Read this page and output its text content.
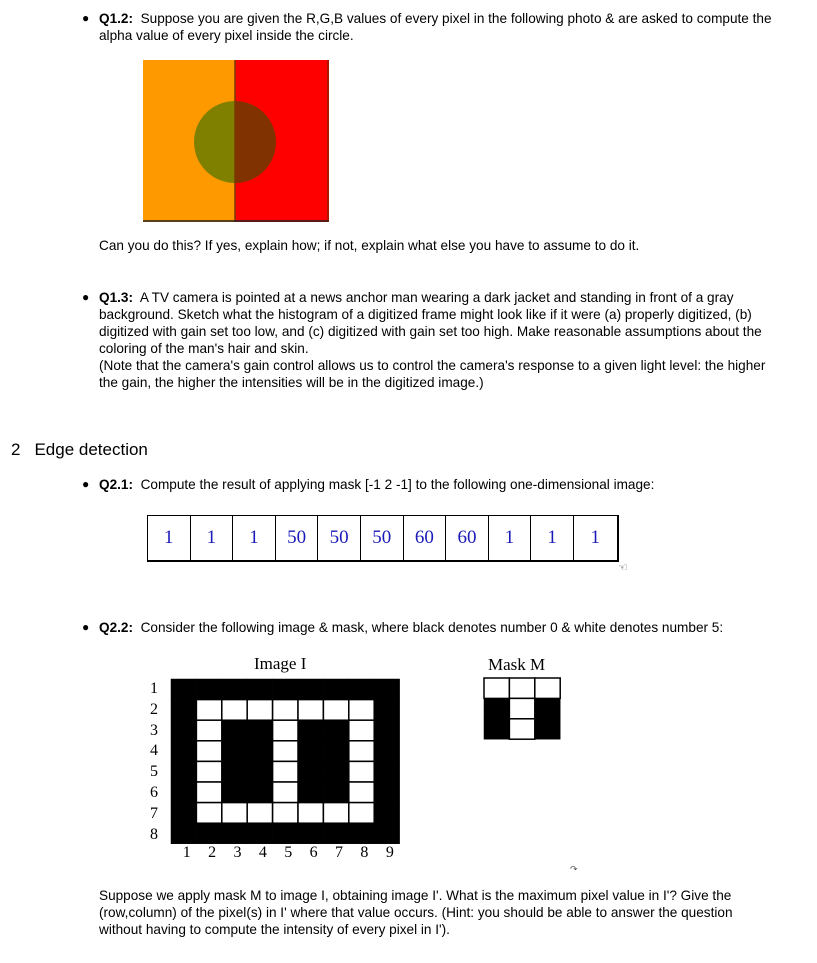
● Q1.2: Suppose you are given the R,G,B values of every pixel in the following photo & are asked to compute the alpha value of every pixel inside the circle.
Can you do this? If yes, explain how; if not, explain what else you have to assume to do it.
● Q1.3: A TV camera is pointed at a news anchor man wearing a dark jacket and standing in front of a gray background. Sketch what the histogram of a digitized frame might look like if it were (a) properly digitized, (b) digitized with gain set too low, and (c) digitized with gain set too high. Make reasonable assumptions about the coloring of the man's hair and skin.
(Note that the camera's gain control allows us to control the camera's response to a given light level: the higher the gain, the higher the intensities will be in the digitized image.)
2 Edge detection
● Q2.1: Compute the result of applying mask [-1 2 -1] to the following one-dimensional image:
1	1	1	50	50	50	60	60	1	1	1
☜
● Q2.2: Consider the following image & mask, where black denotes number 0 & white denotes number 5:
Image I	Mask M
1
2
3
4
5
6
7
8
1	2	3	4	5	6	7	8	9
↷
Suppose we apply mask M to image I, obtaining image I'. What is the maximum pixel value in I'? Give the (row,column) of the pixel(s) in I' where that value occurs. (Hint: you should be able to answer the question without having to compute the intensity of every pixel in I').
